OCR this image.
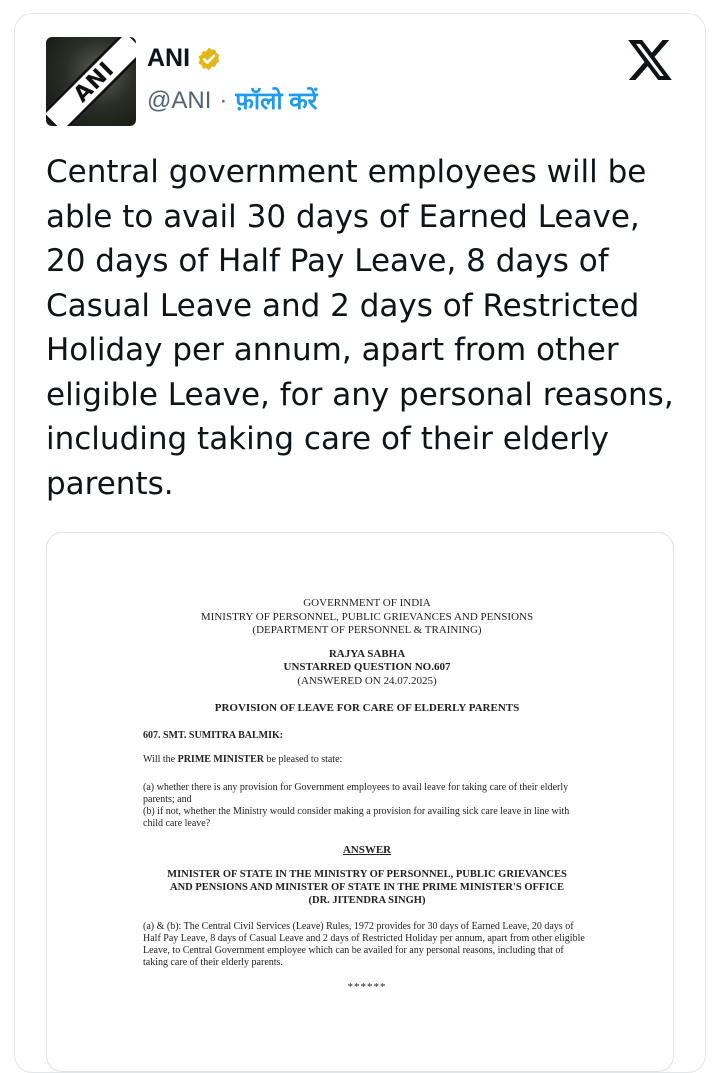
ANI ANI
@ANI · फ़ॉलो करें
Central government employees will be able to avail 30 days of Earned Leave, 20 days of Half Pay Leave, 8 days of Casual Leave and 2 days of Restricted Holiday per annum, apart from other eligible Leave, for any personal reasons, including taking care of their elderly parents.
GOVERNMENT OF INDIA
MINISTRY OF PERSONNEL, PUBLIC GRIEVANCES AND PENSIONS
(DEPARTMENT OF PERSONNEL & TRAINING)
RAJYA SABHA
UNSTARRED QUESTION NO.607
(ANSWERED ON 24.07.2025)
PROVISION OF LEAVE FOR CARE OF ELDERLY PARENTS
607. SMT. SUMITRA BALMIK:
Will the PRIME MINISTER be pleased to state:
(a) whether there is any provision for Government employees to avail leave for taking care of their elderly parents; and
(b) if not, whether the Ministry would consider making a provision for availing sick care leave in line with child care leave?
ANSWER
MINISTER OF STATE IN THE MINISTRY OF PERSONNEL, PUBLIC GRIEVANCES
AND PENSIONS AND MINISTER OF STATE IN THE PRIME MINISTER'S OFFICE
(DR. JITENDRA SINGH)
(a) & (b): The Central Civil Services (Leave) Rules, 1972 provides for 30 days of Earned Leave, 20 days of Half Pay Leave, 8 days of Casual Leave and 2 days of Restricted Holiday per annum, apart from other eligible Leave, to Central Government employee which can be availed for any personal reasons, including that of taking care of their elderly parents.
******
